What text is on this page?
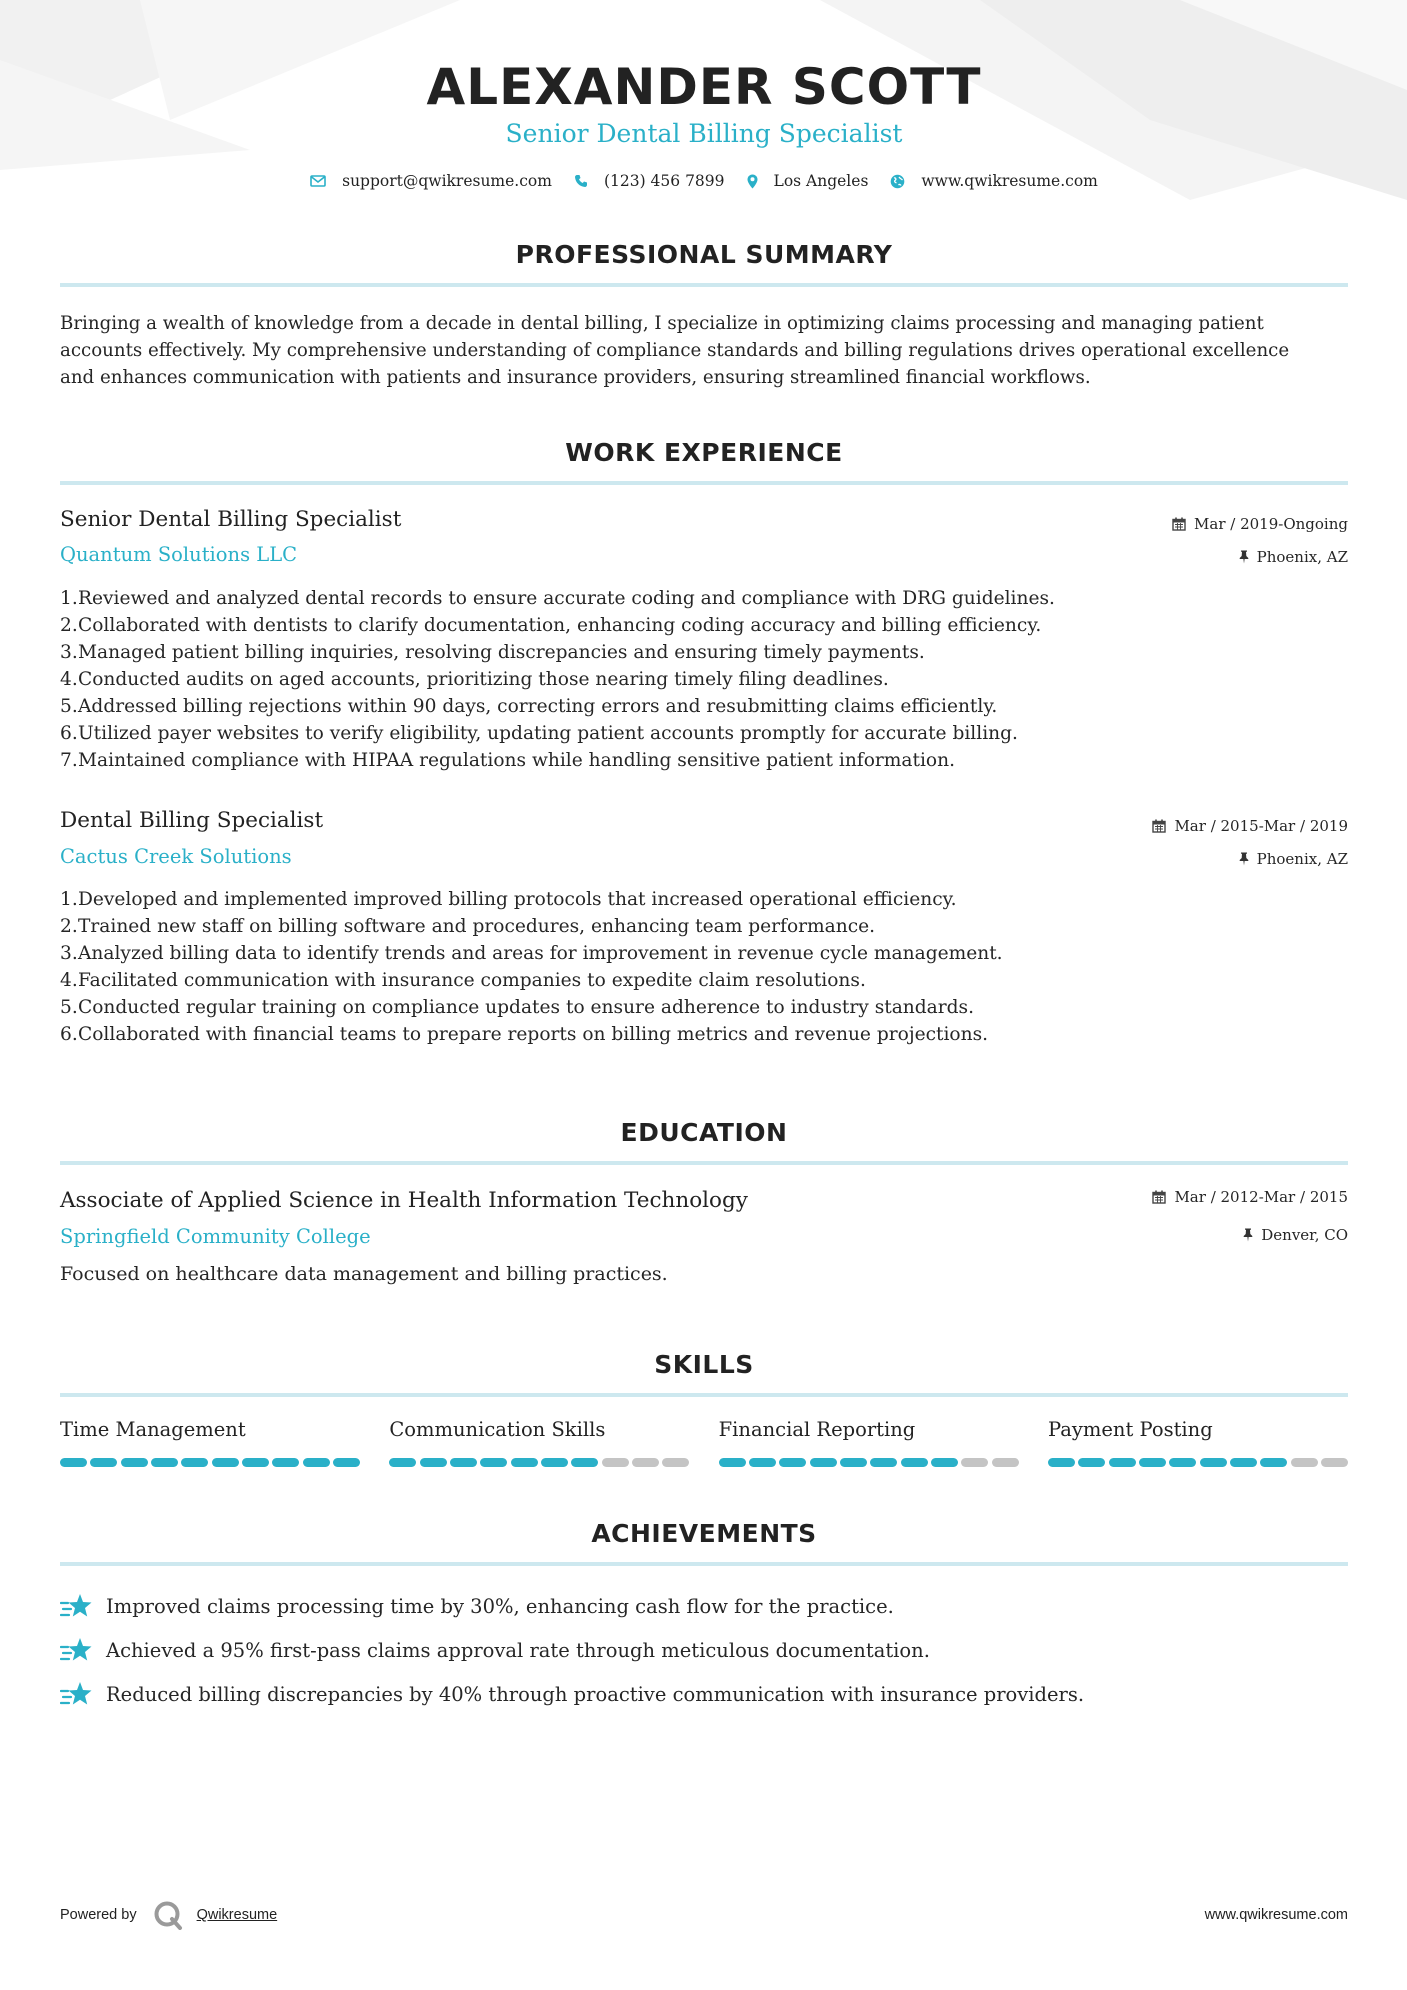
ALEXANDER SCOTT
Senior Dental Billing Specialist
support@qwikresume.com	(123) 456 7899	Los Angeles	www.qwikresume.com
PROFESSIONAL SUMMARY
Bringing a wealth of knowledge from a decade in dental billing, I specialize in optimizing claims processing and managing patient
accounts effectively. My comprehensive understanding of compliance standards and billing regulations drives operational excellence
and enhances communication with patients and insurance providers, ensuring streamlined financial workflows.
WORK EXPERIENCE
Senior Dental Billing Specialist
Quantum Solutions LLC
Mar / 2019-Ongoing
Phoenix, AZ
1.Reviewed and analyzed dental records to ensure accurate coding and compliance with DRG guidelines.
2.Collaborated with dentists to clarify documentation, enhancing coding accuracy and billing efficiency.
3.Managed patient billing inquiries, resolving discrepancies and ensuring timely payments.
4.Conducted audits on aged accounts, prioritizing those nearing timely filing deadlines.
5.Addressed billing rejections within 90 days, correcting errors and resubmitting claims efficiently.
6.Utilized payer websites to verify eligibility, updating patient accounts promptly for accurate billing.
7.Maintained compliance with HIPAA regulations while handling sensitive patient information.
Dental Billing Specialist
Cactus Creek Solutions
Mar / 2015-Mar / 2019
Phoenix, AZ
1.Developed and implemented improved billing protocols that increased operational efficiency.
2.Trained new staff on billing software and procedures, enhancing team performance.
3.Analyzed billing data to identify trends and areas for improvement in revenue cycle management.
4.Facilitated communication with insurance companies to expedite claim resolutions.
5.Conducted regular training on compliance updates to ensure adherence to industry standards.
6.Collaborated with financial teams to prepare reports on billing metrics and revenue projections.
EDUCATION
Associate of Applied Science in Health Information Technology
Springfield Community College
Mar / 2012-Mar / 2015
Denver, CO
Focused on healthcare data management and billing practices.
SKILLS
Time Management	Communication Skills	Financial Reporting	Payment Posting
ACHIEVEMENTS
Improved claims processing time by 30%, enhancing cash flow for the practice.
Achieved a 95% first-pass claims approval rate through meticulous documentation.
Reduced billing discrepancies by 40% through proactive communication with insurance providers.
Powered by	Qwikresume	www.qwikresume.com
